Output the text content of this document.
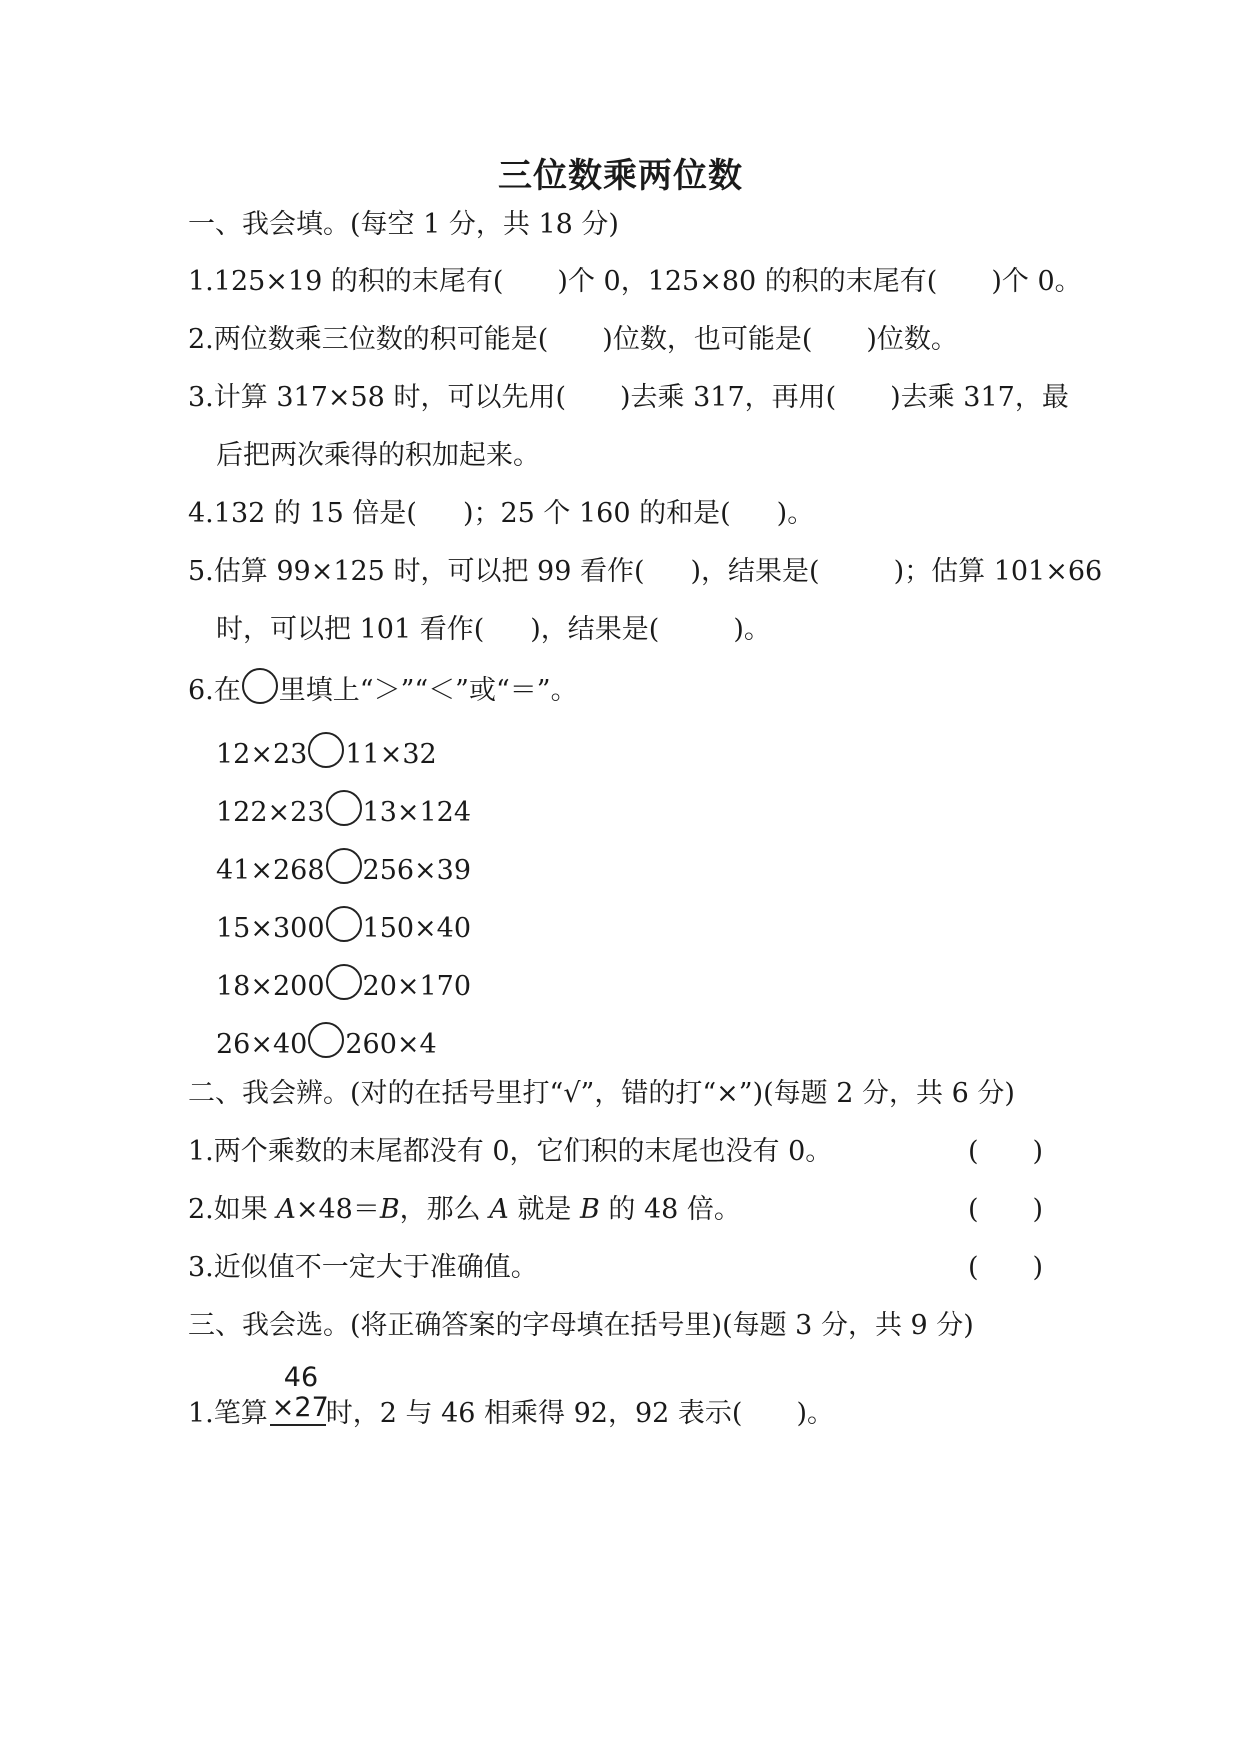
三位数乘两位数
一、我会填。(每空 1 分，共 18 分)
1.125×19 的积的末尾有( )个 0，125×80 的积的末尾有( )个 0。
2.两位数乘三位数的积可能是( )位数，也可能是( )位数。
3.计算 317×58 时，可以先用( )去乘 317，再用( )去乘 317，最
后把两次乘得的积加起来。
4.132 的 15 倍是( )；25 个 160 的和是( )。
5.估算 99×125 时，可以把 99 看作( )，结果是(	)；估算 101×66
时，可以把 101 看作( )，结果是(	)。
6.在 里填上“＞”“＜”或“＝”。
12×23 11×32
122×23 13×124
41×268 256×39
15×300 150×40
18×200 20×170
26×40 260×4
二、我会辨。(对的在括号里打“√”，错的打“×”)(每题 2 分，共 6 分)
1.两个乘数的末尾都没有 0，它们积的末尾也没有 0。	(　　)
2.如果 A×48＝B，那么 A 就是 B 的 48 倍。	(　　)
3.近似值不一定大于准确值。	(　　)
三、我会选。(将正确答案的字母填在括号里)(每题 3 分，共 9 分)
1.笔算
46
×27
时，2 与 46 相乘得 92，92 表示( )。
